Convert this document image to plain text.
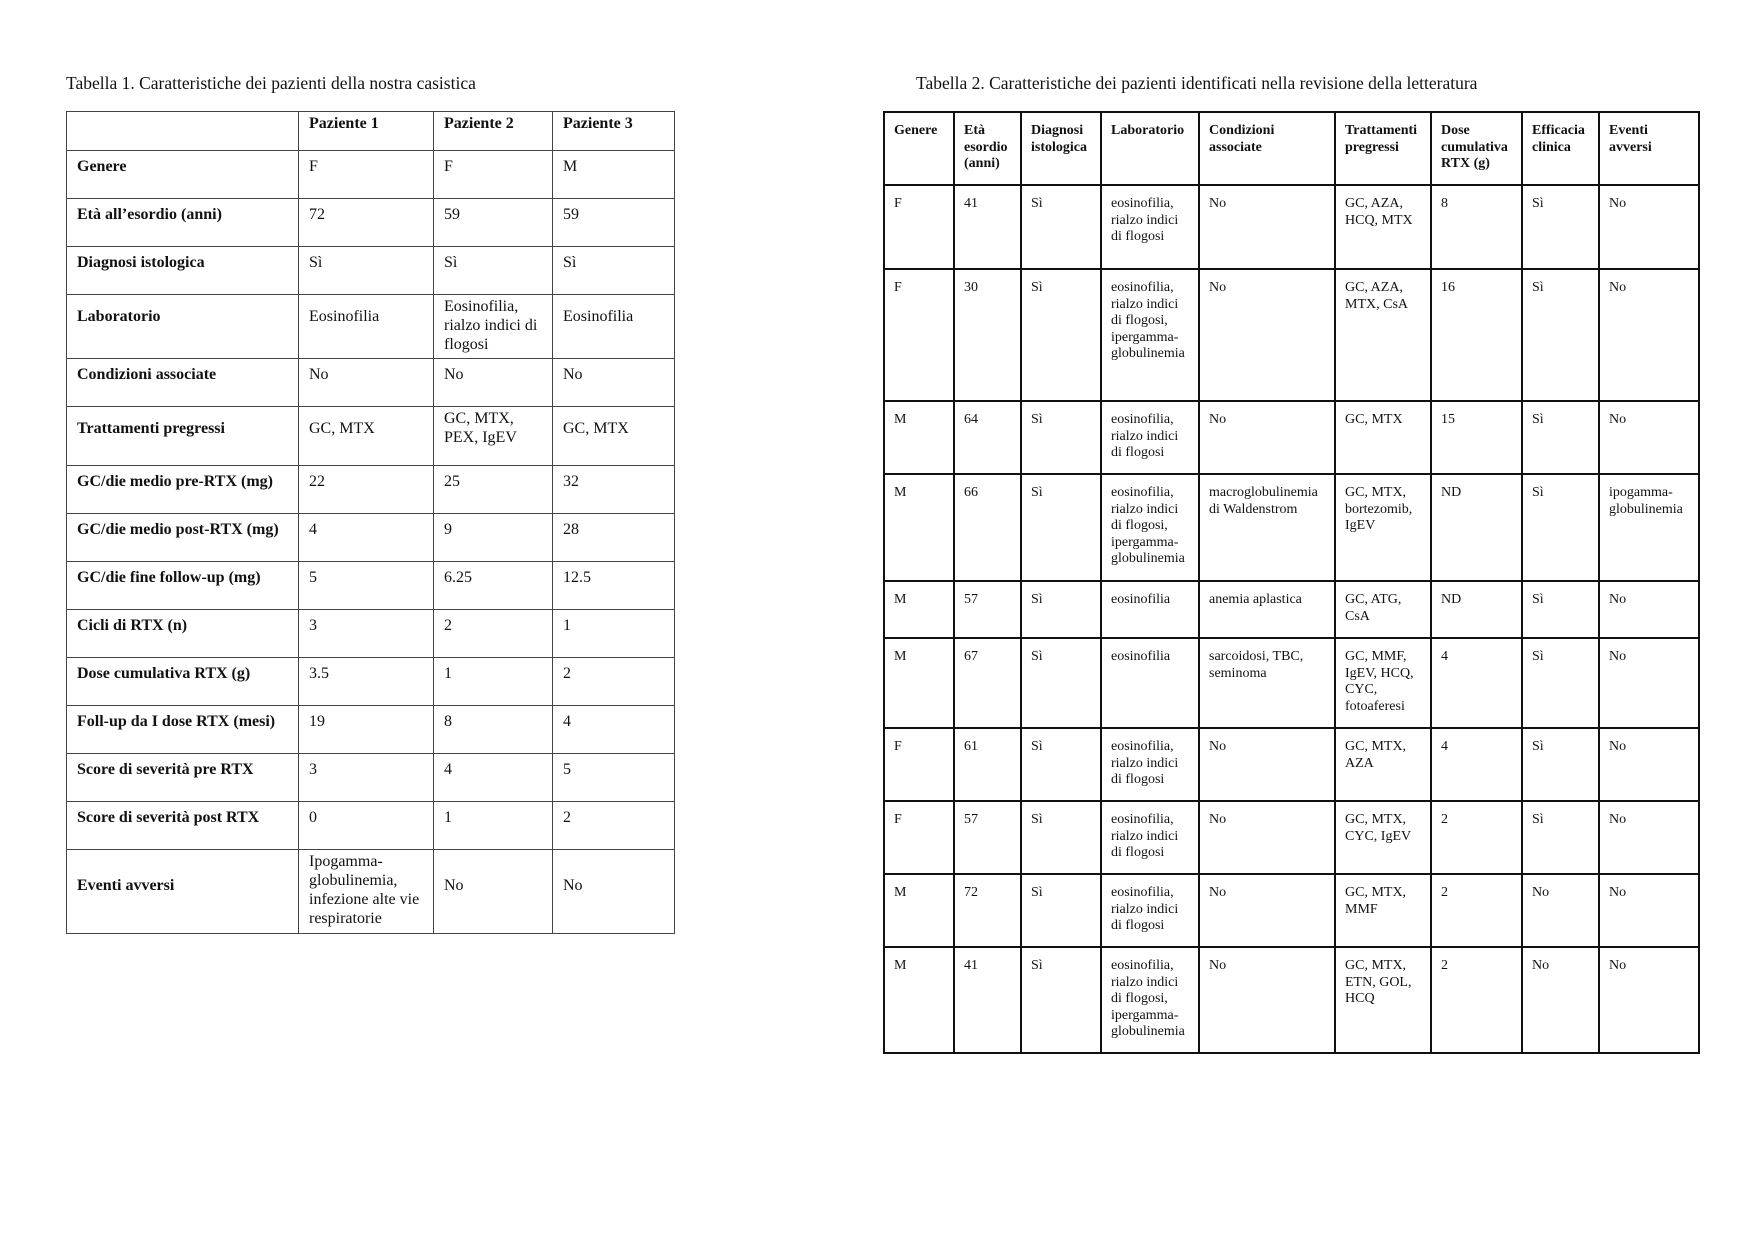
Tabella 1. Caratteristiche dei pazienti della nostra casistica	Tabella 2. Caratteristiche dei pazienti identificati nella revisione della letteratura
	Paziente 1	Paziente 2	Paziente 3
Genere	F	F	M
Età all’esordio (anni)	72	59	59
Diagnosi istologica	Sì	Sì	Sì
Laboratorio	Eosinofilia	Eosinofilia, rialzo indici di flogosi	Eosinofilia
Condizioni associate	No	No	No
Trattamenti pregressi	GC, MTX	GC, MTX, PEX, IgEV	GC, MTX
GC/die medio pre-RTX (mg)	22	25	32
GC/die medio post-RTX (mg)	4	9	28
GC/die fine follow-up (mg)	5	6.25	12.5
Cicli di RTX (n)	3	2	1
Dose cumulativa RTX (g)	3.5	1	2
Foll-up da I dose RTX (mesi)	19	8	4
Score di severità pre RTX	3	4	5
Score di severità post RTX	0	1	2
Eventi avversi	Ipogamma-globulinemia, infezione alte vie respiratorie	No	No
Genere	Età esordio (anni)	Diagnosi istologica	Laboratorio	Condizioni associate	Trattamenti pregressi	Dose cumulativa RTX (g)	Efficacia clinica	Eventi avversi
F	41	Sì	eosinofilia, rialzo indici di flogosi	No	GC, AZA, HCQ, MTX	8	Sì	No
F	30	Sì	eosinofilia, rialzo indici di flogosi, ipergamma-globulinemia	No	GC, AZA, MTX, CsA	16	Sì	No
M	64	Sì	eosinofilia, rialzo indici di flogosi	No	GC, MTX	15	Sì	No
M	66	Sì	eosinofilia, rialzo indici di flogosi, ipergamma-globulinemia	macroglobulinemia di Waldenstrom	GC, MTX, bortezomib, IgEV	ND	Sì	ipogamma-globulinemia
M	57	Sì	eosinofilia	anemia aplastica	GC, ATG, CsA	ND	Sì	No
M	67	Sì	eosinofilia	sarcoidosi, TBC, seminoma	GC, MMF, IgEV, HCQ, CYC, fotoaferesi	4	Sì	No
F	61	Sì	eosinofilia, rialzo indici di flogosi	No	GC, MTX, AZA	4	Sì	No
F	57	Sì	eosinofilia, rialzo indici di flogosi	No	GC, MTX, CYC, IgEV	2	Sì	No
M	72	Sì	eosinofilia, rialzo indici di flogosi	No	GC, MTX, MMF	2	No	No
M	41	Sì	eosinofilia, rialzo indici di flogosi, ipergamma-globulinemia	No	GC, MTX, ETN, GOL, HCQ	2	No	No
